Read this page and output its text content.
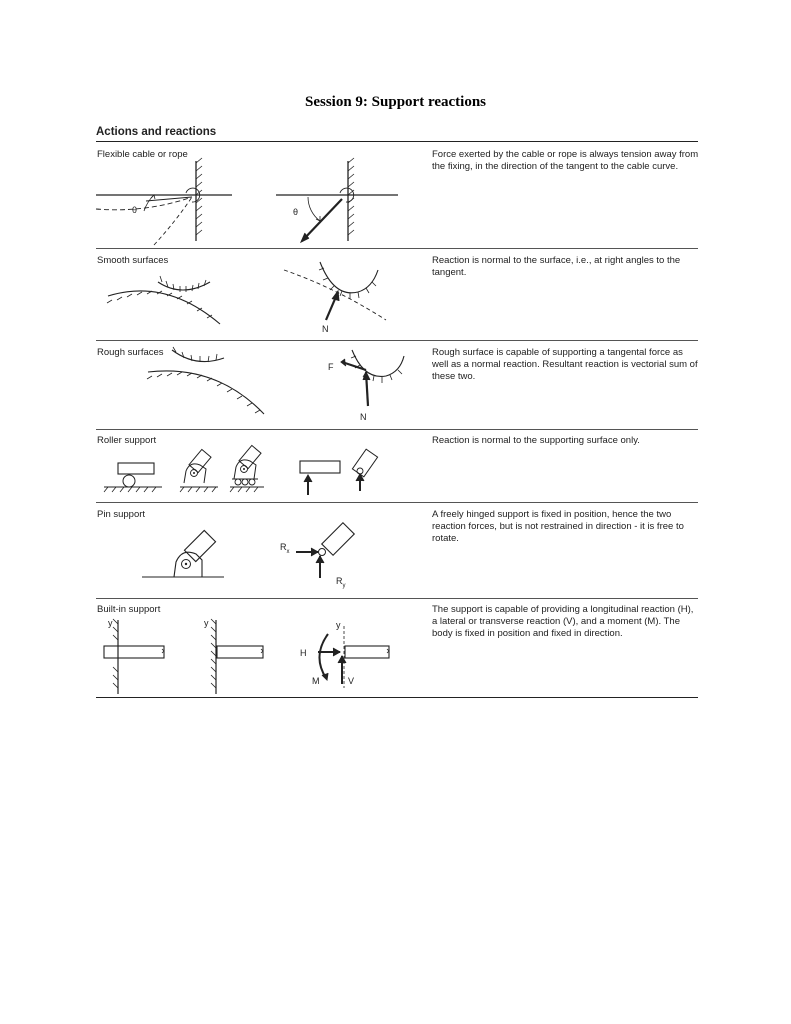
Session 9: Support reactions
Actions and reactions
Flexible cable or rope	Force exerted by the cable or rope is always tension away from the fixing, in the direction of the tangent to the cable curve.
θ	θ
Smooth surfaces	Reaction is normal to the surface, i.e., at right angles to the tangent.
N
Rough surfaces	Rough surface is capable of supporting a tangental force as well as a normal reaction. Resultant reaction is vectorial sum of these two.
F
N
Roller support	Reaction is normal to the supporting surface only.
Pin support	A freely hinged support is fixed in position, hence the two reaction forces, but is not restrained in direction - it is free to rotate.
$R_x$
$R_y$
Built-in support	The support is capable of providing a longitudinal reaction (H), a lateral or transverse reaction (V), and a moment (M). The body is fixed in position and fixed in direction.
y	y	y
H
M	V
